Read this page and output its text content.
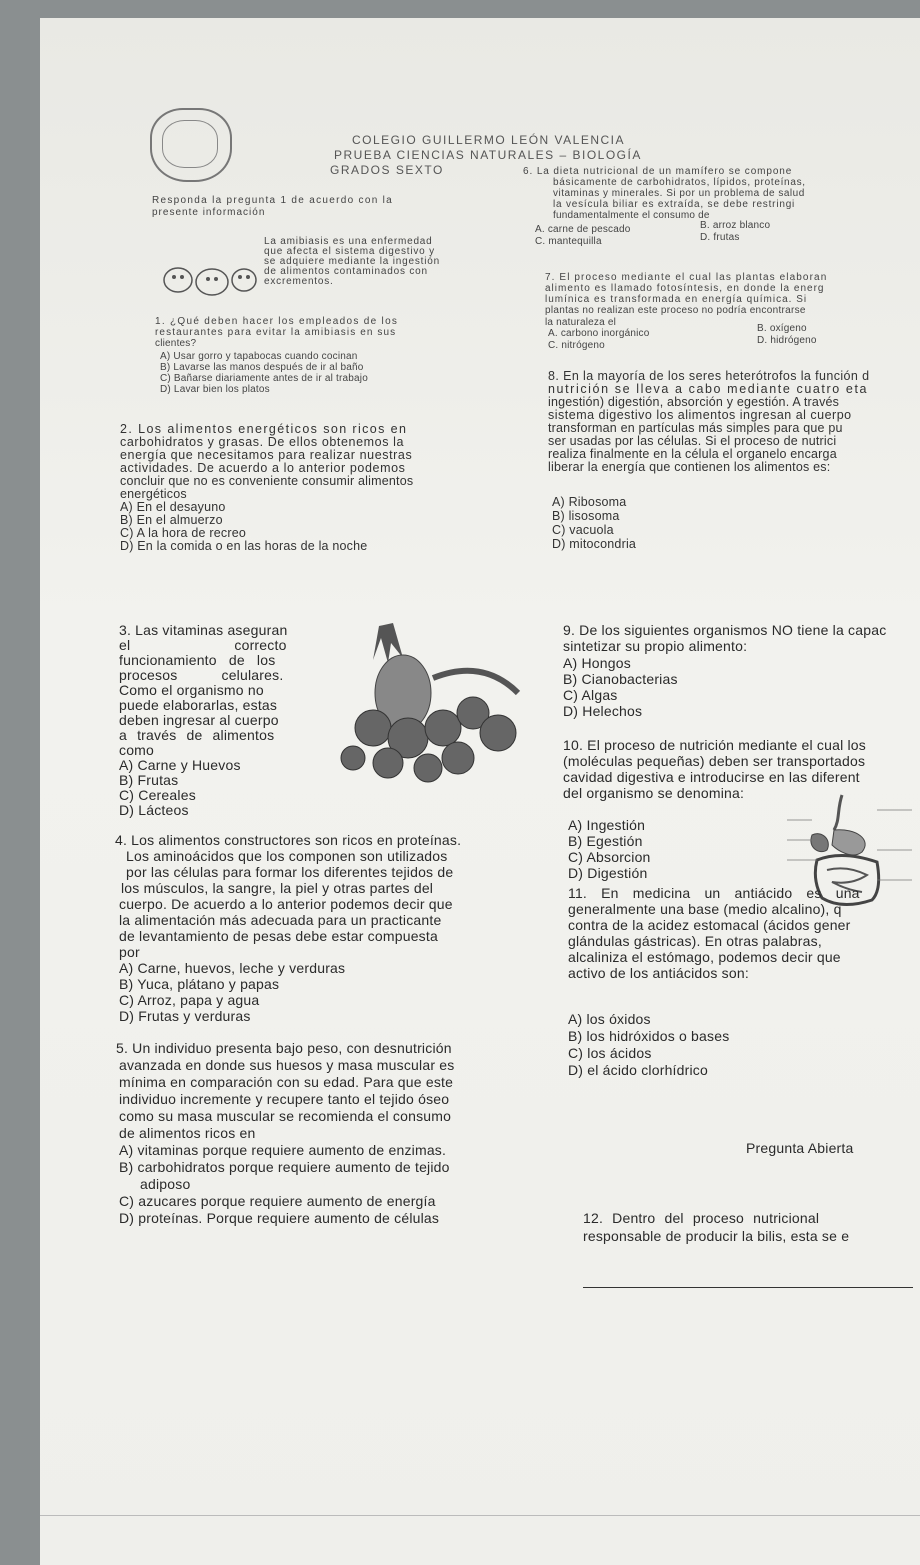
COLEGIO GUILLERMO LEÓN VALENCIA
PRUEBA CIENCIAS NATURALES – BIOLOGÍA
GRADOS SEXTO
Responda la pregunta 1 de acuerdo con la
presente información
La amibiasis es una enfermedad
que afecta el sistema digestivo y
se adquiere mediante la ingestión
de alimentos contaminados con
excrementos.
1. ¿Qué deben hacer los empleados de los
restaurantes para evitar la amibiasis en sus
clientes?
A) Usar gorro y tapabocas cuando cocinan
B) Lavarse las manos después de ir al baño
C) Bañarse diariamente antes de ir al trabajo
D) Lavar bien los platos
2. Los alimentos energéticos son ricos en
carbohidratos y grasas. De ellos obtenemos la
energía que necesitamos para realizar nuestras
actividades. De acuerdo a lo anterior podemos
concluir que no es conveniente consumir alimentos
energéticos
A) En el desayuno
B) En el almuerzo
C) A la hora de recreo
D) En la comida o en las horas de la noche
3. Las vitaminas aseguran
el correcto
funcionamiento de los
procesos celulares.
Como el organismo no
puede elaborarlas, estas
deben ingresar al cuerpo
a través de alimentos
como
A) Carne y Huevos
B) Frutas
C) Cereales
D) Lácteos
4. Los alimentos constructores son ricos en proteínas.
Los aminoácidos que los componen son utilizados
por las células para formar los diferentes tejidos de
los músculos, la sangre, la piel y otras partes del
cuerpo. De acuerdo a lo anterior podemos decir que
la alimentación más adecuada para un practicante
de levantamiento de pesas debe estar compuesta
por
A) Carne, huevos, leche y verduras
B) Yuca, plátano y papas
C) Arroz, papa y agua
D) Frutas y verduras
5. Un individuo presenta bajo peso, con desnutrición
avanzada en donde sus huesos y masa muscular es
mínima en comparación con su edad. Para que este
individuo incremente y recupere tanto el tejido óseo
como su masa muscular se recomienda el consumo
de alimentos ricos en
A) vitaminas porque requiere aumento de enzimas.
B) carbohidratos porque requiere aumento de tejido
adiposo
C) azucares porque requiere aumento de energía
D) proteínas. Porque requiere aumento de células
6. La dieta nutricional de un mamífero se compone
básicamente de carbohidratos, lípidos, proteínas,
vitaminas y minerales. Si por un problema de salud
la vesícula biliar es extraída, se debe restringi
fundamentalmente el consumo de
A. carne de pescado	B. arroz blanco
C. mantequilla	D. frutas
7. El proceso mediante el cual las plantas elaboran
alimento es llamado fotosíntesis, en donde la energ
lumínica es transformada en energía química. Si
plantas no realizan este proceso no podría encontrarse
la naturaleza el
A. carbono inorgánico	B. oxígeno
C. nitrógeno	D. hidrógeno
8. En la mayoría de los seres heterótrofos la función d
nutrición se lleva a cabo mediante cuatro eta
ingestión) digestión, absorción y egestión. A través
sistema digestivo los alimentos ingresan al cuerpo
transforman en partículas más simples para que pu
ser usadas por las células. Si el proceso de nutrici
realiza finalmente en la célula el organelo encarga
liberar la energía que contienen los alimentos es:
A) Ribosoma
B) lisosoma
C) vacuola
D) mitocondria
9. De los siguientes organismos NO tiene la capac
sintetizar su propio alimento:
A) Hongos
B) Cianobacterias
C) Algas
D) Helechos
10. El proceso de nutrición mediante el cual los
(moléculas pequeñas) deben ser transportados
cavidad digestiva e introducirse en las diferent
del organismo se denomina:
A) Ingestión
B) Egestión
C) Absorcion
D) Digestión
11. En medicina un antiácido es una
generalmente una base (medio alcalino), q
contra de la acidez estomacal (ácidos gener
glándulas gástricas). En otras palabras,
alcaliniza el estómago, podemos decir que
activo de los antiácidos son:
A) los óxidos
B) los hidróxidos o bases
C) los ácidos
D) el ácido clorhídrico
Pregunta Abierta
12. Dentro del proceso nutricional
responsable de producir la bilis, esta se e
